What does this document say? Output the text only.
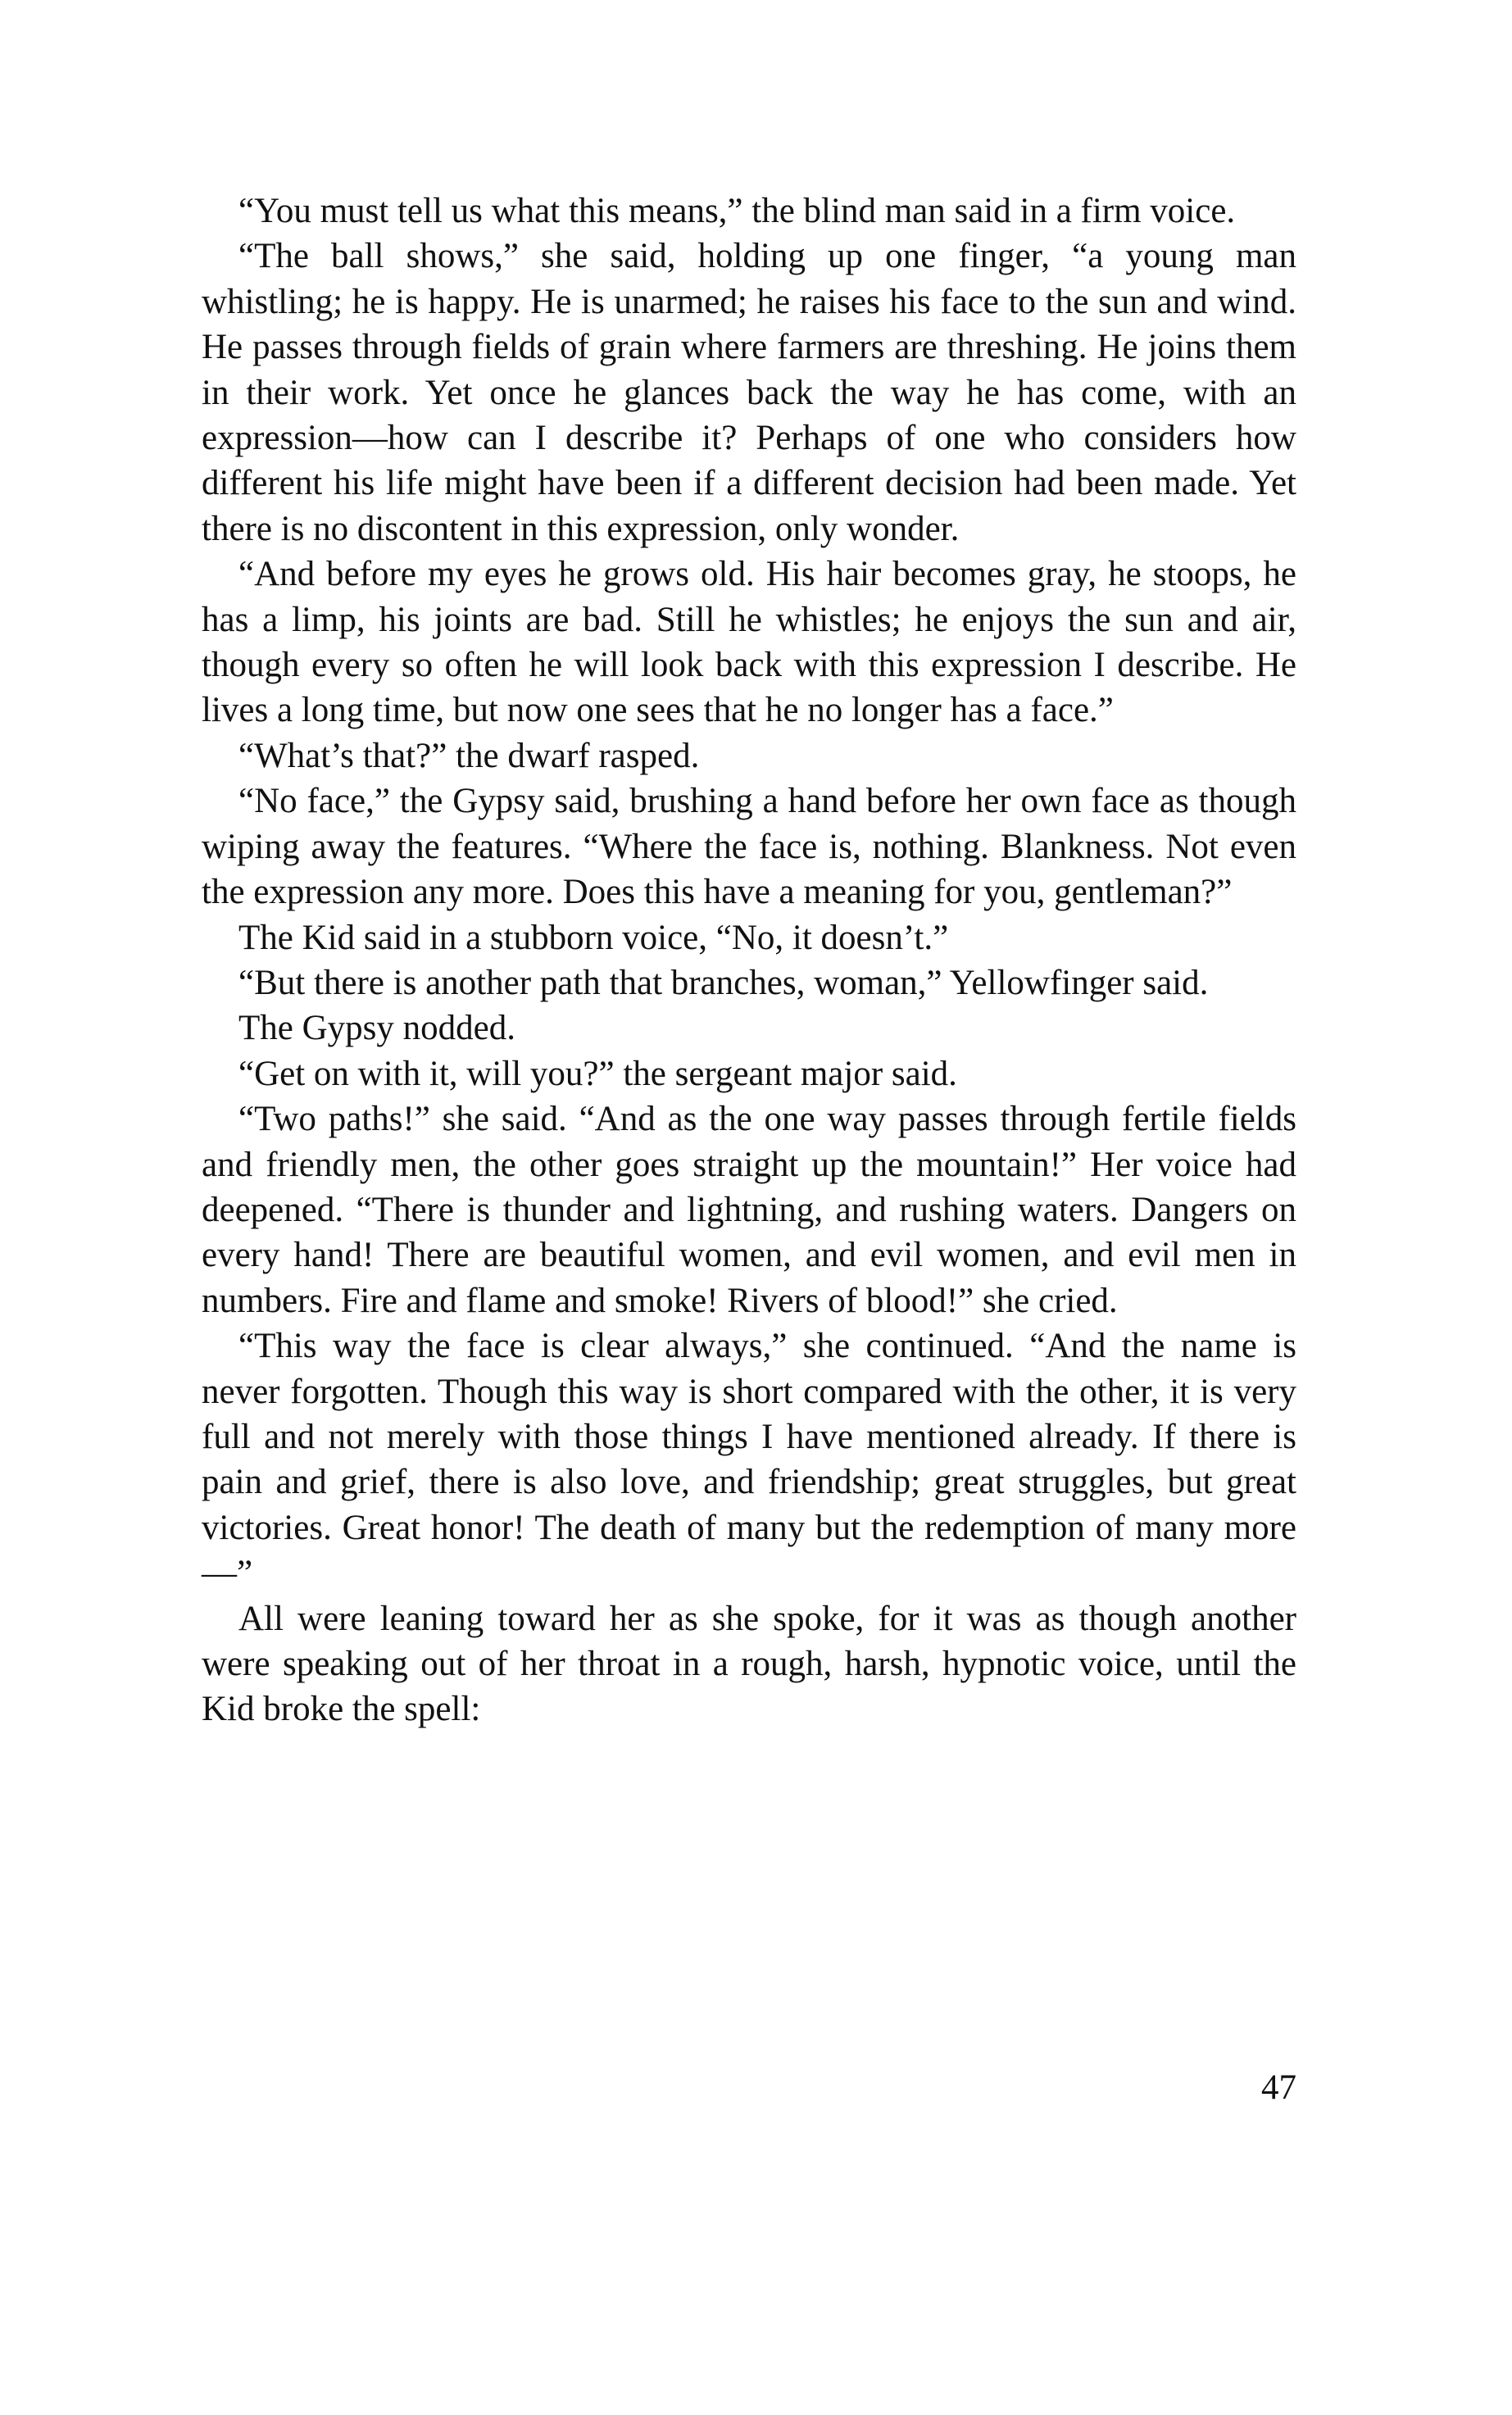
“You must tell us what this means,” the blind man said in a firm voice.

“The ball shows,” she said, holding up one finger, “a young man whistling; he is happy. He is unarmed; he raises his face to the sun and wind. He passes through fields of grain where farmers are threshing. He joins them in their work. Yet once he glances back the way he has come, with an expression—how can I describe it? Perhaps of one who considers how different his life might have been if a different decision had been made. Yet there is no discontent in this expression, only wonder.

“And before my eyes he grows old. His hair becomes gray, he stoops, he has a limp, his joints are bad. Still he whistles; he enjoys the sun and air, though every so often he will look back with this expression I describe. He lives a long time, but now one sees that he no longer has a face.”

“What’s that?” the dwarf rasped.

“No face,” the Gypsy said, brushing a hand before her own face as though wiping away the features. “Where the face is, nothing. Blankness. Not even the expression any more. Does this have a meaning for you, gentleman?”

The Kid said in a stubborn voice, “No, it doesn’t.”

“But there is another path that branches, woman,” Yellowfinger said.

The Gypsy nodded.

“Get on with it, will you?” the sergeant major said.

“Two paths!” she said. “And as the one way passes through fertile fields and friendly men, the other goes straight up the mountain!” Her voice had deepened. “There is thunder and lightning, and rushing waters. Dangers on every hand! There are beautiful women, and evil women, and evil men in numbers. Fire and flame and smoke! Rivers of blood!” she cried.

“This way the face is clear always,” she continued. “And the name is never forgotten. Though this way is short compared with the other, it is very full and not merely with those things I have mentioned already. If there is pain and grief, there is also love, and friendship; great struggles, but great victories. Great honor! The death of many but the redemption of many more—”

All were leaning toward her as she spoke, for it was as though another were speaking out of her throat in a rough, harsh, hypnotic voice, until the Kid broke the spell:

47
